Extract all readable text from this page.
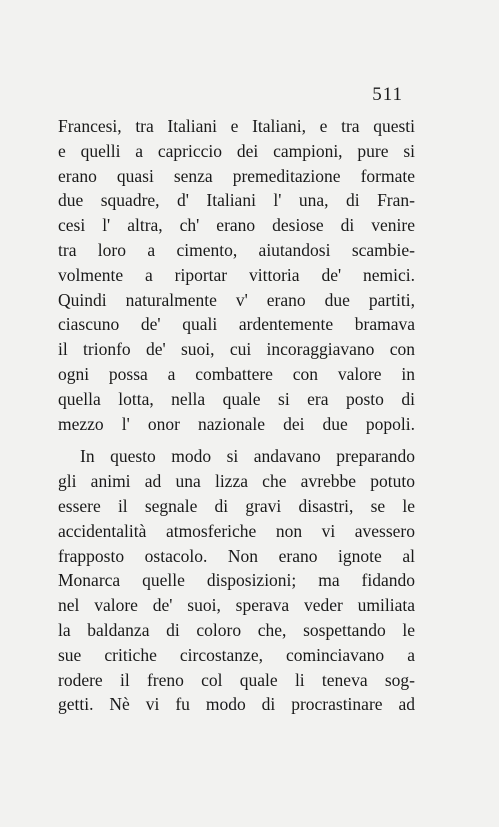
511
Francesi, tra Italiani e Italiani, e tra questi
e quelli a capriccio dei campioni, pure si
erano quasi senza premeditazione formate
due squadre, d' Italiani l' una, di Fran-
cesi l' altra, ch' erano desiose di venire
tra loro a cimento, aiutandosi scambie-
volmente a riportar vittoria de' nemici.
Quindi naturalmente v' erano due partiti,
ciascuno de' quali ardentemente bramava
il trionfo de' suoi, cui incoraggiavano con
ogni possa a combattere con valore in
quella lotta, nella quale si era posto di
mezzo l' onor nazionale dei due popoli.
In questo modo si andavano preparando
gli animi ad una lizza che avrebbe potuto
essere il segnale di gravi disastri, se le
accidentalità atmosferiche non vi avessero
frapposto ostacolo. Non erano ignote al
Monarca quelle disposizioni; ma fidando
nel valore de' suoi, sperava veder umiliata
la baldanza di coloro che, sospettando le
sue critiche circostanze, cominciavano a
rodere il freno col quale li teneva sog-
getti. Nè vi fu modo di procrastinare ad
